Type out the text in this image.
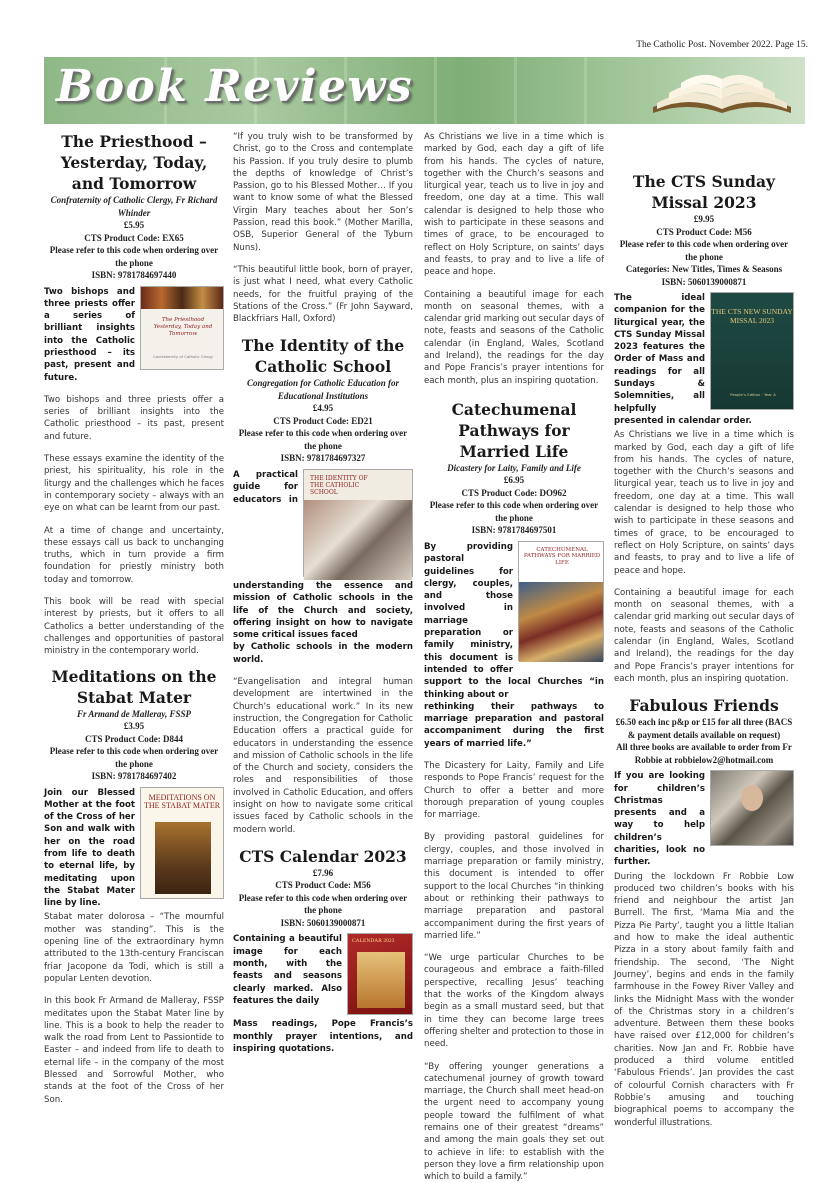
The Catholic Post. November 2022. Page 15.
Book Reviews
The Priesthood – Yesterday, Today, and Tomorrow
Confraternity of Catholic Clergy, Fr Richard Whinder
£5.95
CTS Product Code: EX65
Please refer to this code when ordering over the phone
ISBN: 9781784697440
The Priesthood Yesterday, Today and Tomorrow
Confraternity of Catholic Clergy
Two bishops and three priests offer a series of brilliant insights into the Catholic priesthood – its past, present and future.

Two bishops and three priests offer a series of brilliant insights into the Catholic priesthood – its past, present and future.

These essays examine the identity of the priest, his spirituality, his role in the liturgy and the challenges which he faces in contemporary society – always with an eye on what can be learnt from our past.

At a time of change and uncertainty, these essays call us back to unchanging truths, which in turn provide a firm foundation for priestly ministry both today and tomorrow.

This book will be read with special interest by priests, but it offers to all Catholics a better understanding of the challenges and opportunities of pastoral ministry in the contemporary world.

Meditations on the Stabat Mater
Fr Armand de Malleray, FSSP
£3.95
CTS Product Code: D844
Please refer to this code when ordering over the phone
ISBN: 9781784697402
MEDITATIONS ON THE STABAT MATER
Join our Blessed Mother at the foot of the Cross of her Son and walk with her on the road from life to death to eternal life, by meditating upon the Stabat Mater line by line.

Stabat mater dolorosa – “The mournful mother was standing”. This is the opening line of the extraordinary hymn attributed to the 13th-century Franciscan friar Jacopone da Todi, which is still a popular Lenten devotion.

In this book Fr Armand de Malleray, FSSP meditates upon the Stabat Mater line by line. This is a book to help the reader to walk the road from Lent to Passiontide to Easter – and indeed from life to death to eternal life – in the company of the most Blessed and Sorrowful Mother, who stands at the foot of the Cross of her Son.

“If you truly wish to be transformed by Christ, go to the Cross and contemplate his Passion. If you truly desire to plumb the depths of knowledge of Christ’s Passion, go to his Blessed Mother… If you want to know some of what the Blessed Virgin Mary teaches about her Son’s Passion, read this book.” (Mother Marilla, OSB, Superior General of the Tyburn Nuns).

“This beautiful little book, born of prayer, is just what I need, what every Catholic needs, for the fruitful praying of the Stations of the Cross.” (Fr John Sayward, Blackfriars Hall, Oxford)

The Identity of the Catholic School
Congregation for Catholic Education for Educational Institutions
£4.95
CTS Product Code: ED21
Please refer to this code when ordering over the phone
ISBN: 9781784697327
THE IDENTITY OF THE CATHOLIC SCHOOL
A practical guide for educators in understanding the essence and mission of Catholic schools in the life of the Church and society, offering insight on how to navigate some critical issues faced
by Catholic schools in the modern world.

“Evangelisation and integral human development are intertwined in the Church’s educational work.” In its new instruction, the Congregation for Catholic Education offers a practical guide for educators in understanding the essence and mission of Catholic schools in the life of the Church and society, considers the roles and responsibilities of those involved in Catholic Education, and offers insight on how to navigate some critical issues faced by Catholic schools in the modern world.

CTS Calendar 2023
£7.96
CTS Product Code: M56
Please refer to this code when ordering over the phone
ISBN: 5060139000871
CALENDAR 2023
Containing a beautiful image for each month, with the feasts and seasons clearly marked. Also features the daily
Mass readings, Pope Francis’s monthly prayer intentions, and inspiring quotations.

As Christians we live in a time which is marked by God, each day a gift of life from his hands. The cycles of nature, together with the Church’s seasons and liturgical year, teach us to live in joy and freedom, one day at a time. This wall calendar is designed to help those who wish to participate in these seasons and times of grace, to be encouraged to reflect on Holy Scripture, on saints’ days and feasts, to pray and to live a life of peace and hope.

Containing a beautiful image for each month on seasonal themes, with a calendar grid marking out secular days of note, feasts and seasons of the Catholic calendar (in England, Wales, Scotland and Ireland), the readings for the day and Pope Francis’s prayer intentions for each month, plus an inspiring quotation.

Catechumenal Pathways for Married Life
Dicastery for Laity, Family and Life
£6.95
CTS Product Code: DO962
Please refer to this code when ordering over the phone
ISBN: 9781784697501
CATECHUMENAL PATHWAYS FOR MARRIED LIFE
By providing pastoral guidelines for clergy, couples, and those involved in marriage preparation or family ministry, this document is intended to offer support to the local Churches “in thinking about or
rethinking their pathways to marriage preparation and pastoral accompaniment during the first years of married life.”

The Dicastery for Laity, Family and Life responds to Pope Francis’ request for the Church to offer a better and more thorough preparation of young couples for marriage.

By providing pastoral guidelines for clergy, couples, and those involved in marriage preparation or family ministry, this document is intended to offer support to the local Churches “in thinking about or rethinking their pathways to marriage preparation and pastoral accompaniment during the first years of married life.”

“We urge particular Churches to be courageous and embrace a faith-filled perspective, recalling Jesus’ teaching that the works of the Kingdom always begin as a small mustard seed, but that in time they can become large trees offering shelter and protection to those in need.

“By offering younger generations a catechumenal journey of growth toward marriage, the Church shall meet head-on the urgent need to accompany young people toward the fulfilment of what remains one of their greatest “dreams” and among the main goals they set out to achieve in life: to establish with the person they love a firm relationship upon which to build a family.”

The CTS Sunday Missal 2023
£9.95
CTS Product Code: M56
Please refer to this code when ordering over the phone
Categories: New Titles, Times & Seasons
ISBN: 5060139000871
THE CTS NEW SUNDAY MISSAL 2023
People’s Edition · Year A
The ideal companion for the liturgical year, the CTS Sunday Missal 2023 features the Order of Mass and readings for all Sundays & Solemnities, all helpfully presented in calendar order.

As Christians we live in a time which is marked by God, each day a gift of life from his hands. The cycles of nature, together with the Church’s seasons and liturgical year, teach us to live in joy and freedom, one day at a time. This wall calendar is designed to help those who wish to participate in these seasons and times of grace, to be encouraged to reflect on Holy Scripture, on saints’ days and feasts, to pray and to live a life of peace and hope.

Containing a beautiful image for each month on seasonal themes, with a calendar grid marking out secular days of note, feasts and seasons of the Catholic calendar (in England, Wales, Scotland and Ireland), the readings for the day and Pope Francis’s prayer intentions for each month, plus an inspiring quotation.

Fabulous Friends
£6.50 each inc p&p or £15 for all three (BACS & payment details available on request)
All three books are available to order from Fr Robbie at robbielow2@hotmail.com
If you are looking for children’s Christmas presents and a way to help children’s charities, look no further.

During the lockdown Fr Robbie Low produced two children’s books with his friend and neighbour the artist Jan Burrell. The first, ‘Mama Mia and the Pizza Pie Party’, taught you a little Italian and how to make the ideal authentic Pizza in a story about family faith and friendship. The second, ‘The Night Journey’, begins and ends in the family farmhouse in the Fowey River Valley and links the Midnight Mass with the wonder of the Christmas story in a children’s adventure. Between them these books have raised over £12,000 for children’s charities. Now Jan and Fr. Robbie have produced a third volume entitled ‘Fabulous Friends’. Jan provides the cast of colourful Cornish characters with Fr Robbie’s amusing and touching biographical poems to accompany the wonderful illustrations.
